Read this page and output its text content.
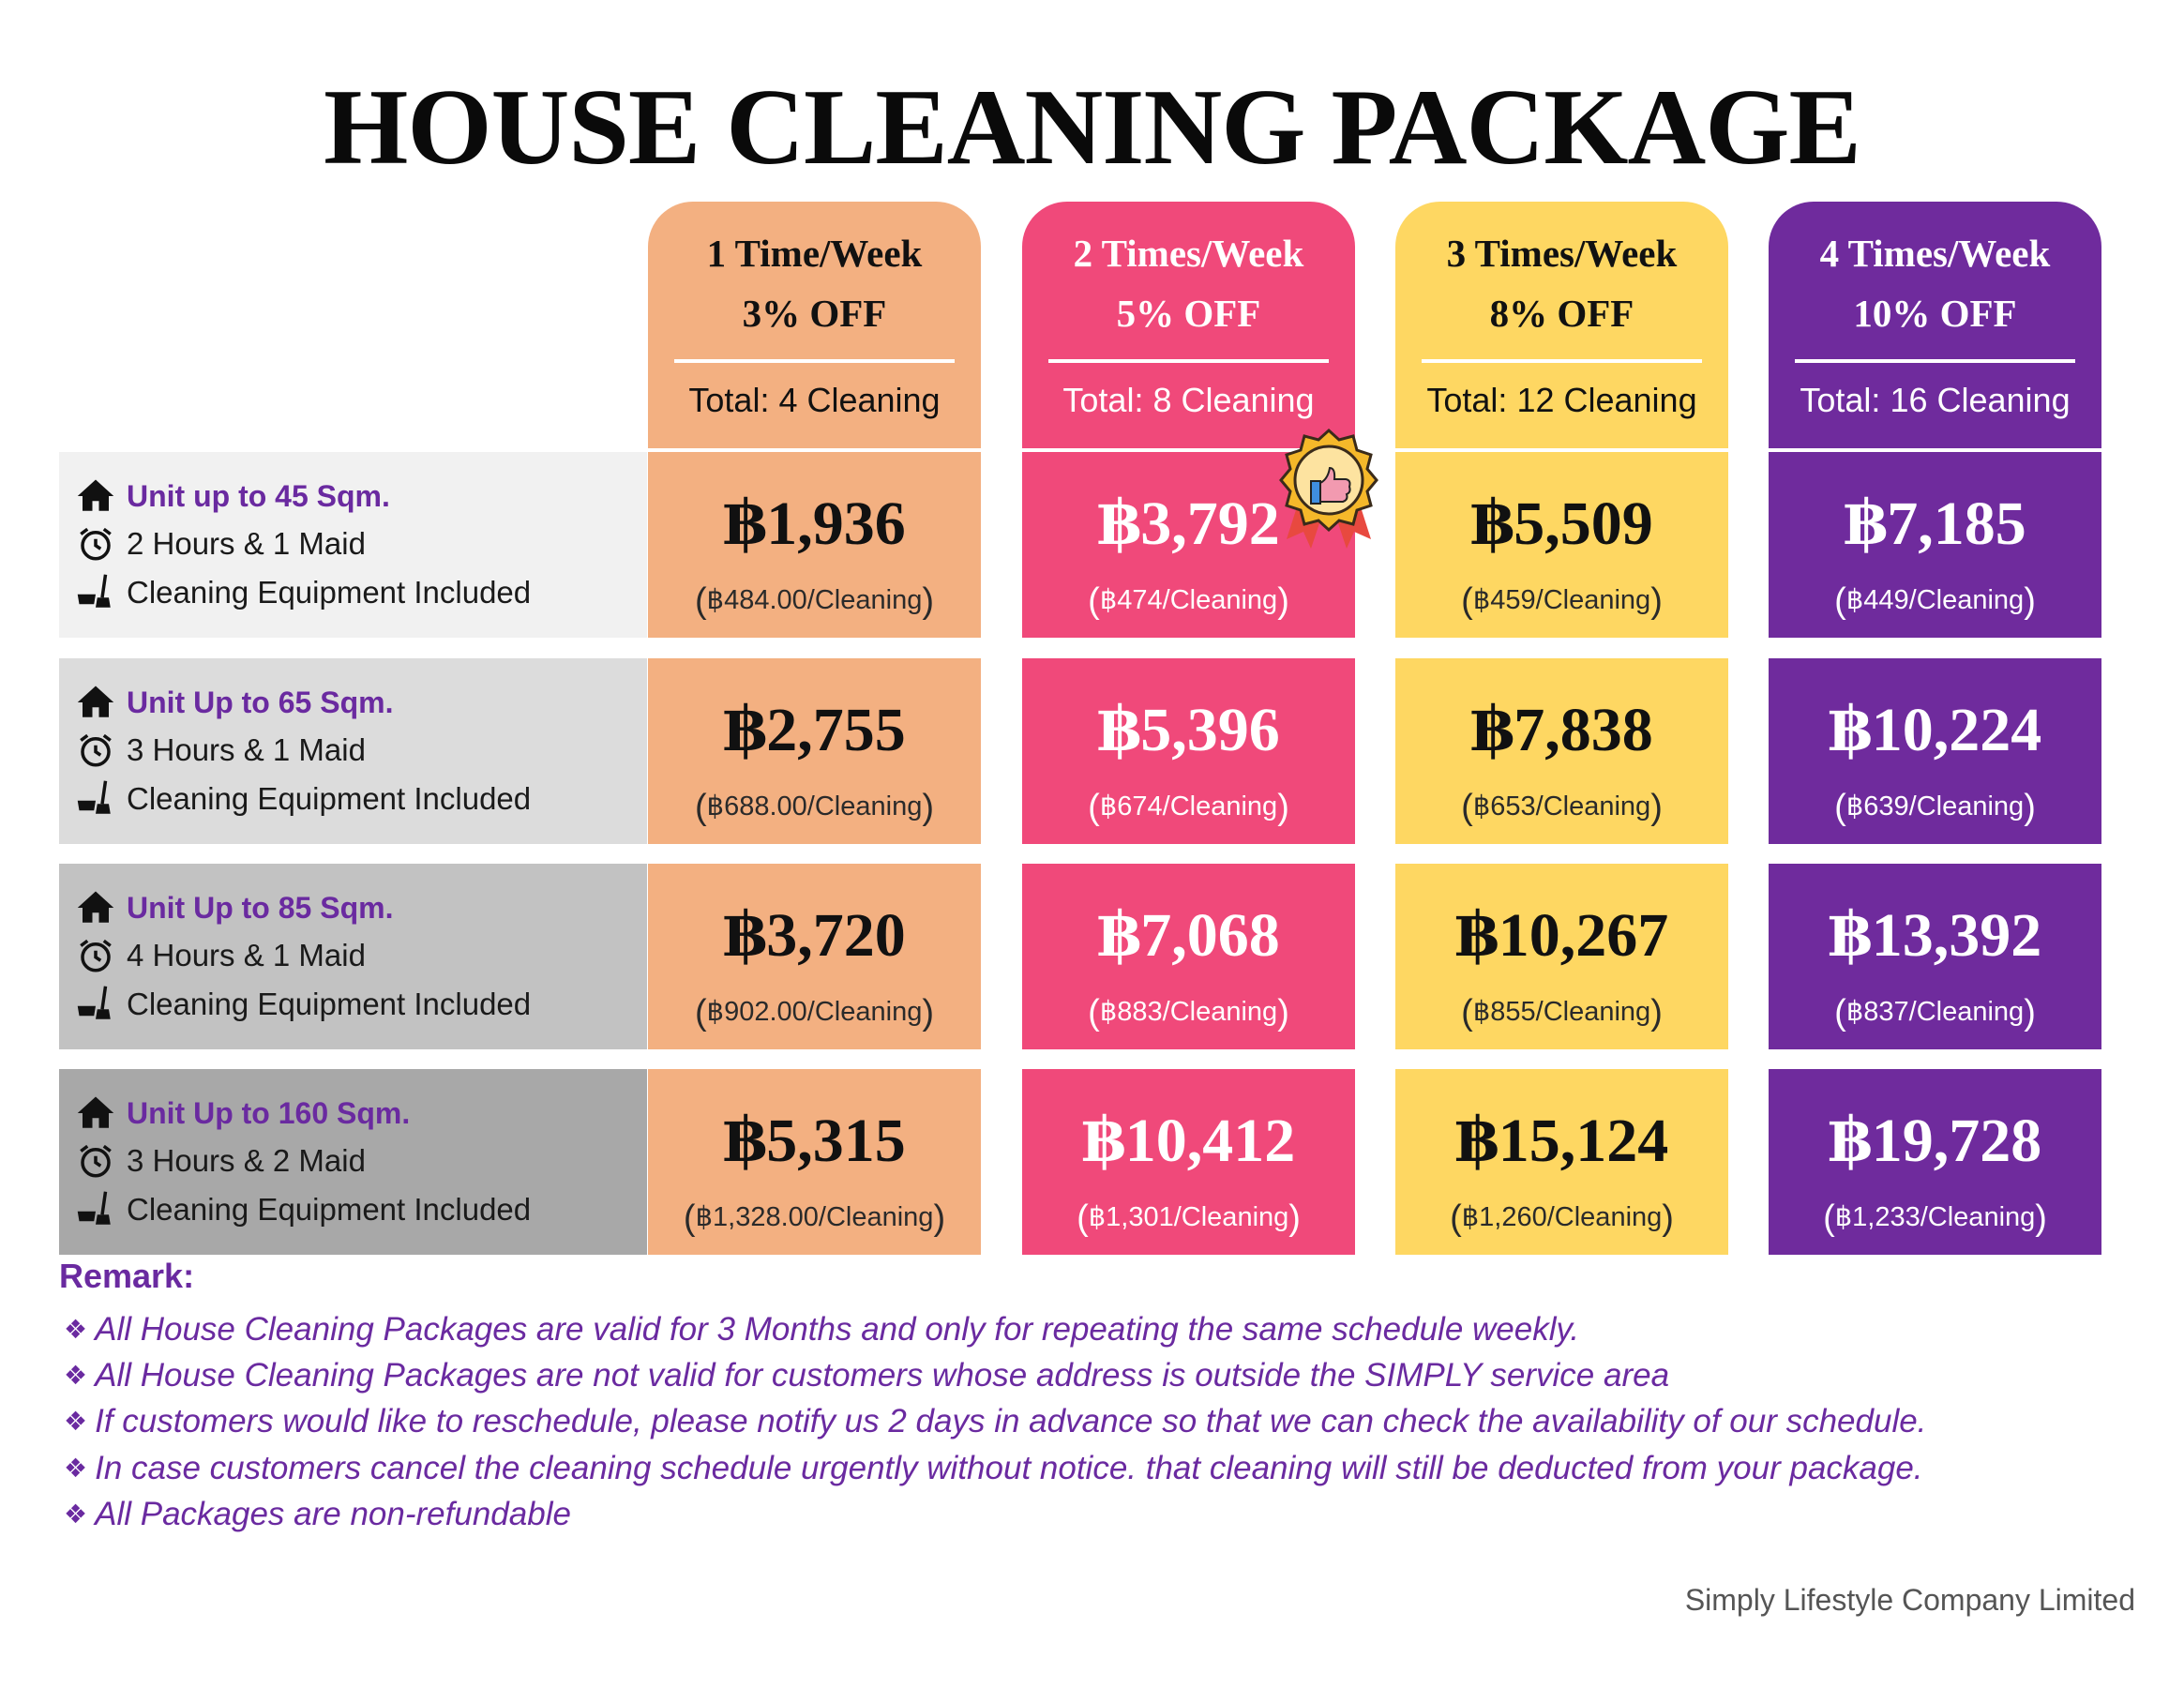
HOUSE CLEANING PACKAGE
1 Time/Week
3% OFF
Total: 4 Cleaning
2 Times/Week
5% OFF
Total: 8 Cleaning
3 Times/Week
8% OFF
Total: 12 Cleaning
4 Times/Week
10% OFF
Total: 16 Cleaning
Unit up to 45 Sqm.
2 Hours & 1 Maid
Cleaning Equipment Included
฿1,936
(฿484.00/Cleaning)
฿3,792
(฿474/Cleaning)
฿5,509
(฿459/Cleaning)
฿7,185
(฿449/Cleaning)
Unit Up to 65 Sqm.
3 Hours & 1 Maid
Cleaning Equipment Included
฿2,755
(฿688.00/Cleaning)
฿5,396
(฿674/Cleaning)
฿7,838
(฿653/Cleaning)
฿10,224
(฿639/Cleaning)
Unit Up to 85 Sqm.
4 Hours & 1 Maid
Cleaning Equipment Included
฿3,720
(฿902.00/Cleaning)
฿7,068
(฿883/Cleaning)
฿10,267
(฿855/Cleaning)
฿13,392
(฿837/Cleaning)
Unit Up to 160 Sqm.
3 Hours & 2 Maid
Cleaning Equipment Included
฿5,315
(฿1,328.00/Cleaning)
฿10,412
(฿1,301/Cleaning)
฿15,124
(฿1,260/Cleaning)
฿19,728
(฿1,233/Cleaning)
Remark:
❖ All House Cleaning Packages are valid for 3 Months and only for repeating the same schedule weekly.
❖ All House Cleaning Packages are not valid for customers whose address is outside the SIMPLY service area
❖ If customers would like to reschedule, please notify us 2 days in advance so that we can check the availability of our schedule.
❖ In case customers cancel the cleaning schedule urgently without notice. that cleaning will still be deducted from your package.
❖ All Packages are non-refundable
Simply Lifestyle Company Limited
